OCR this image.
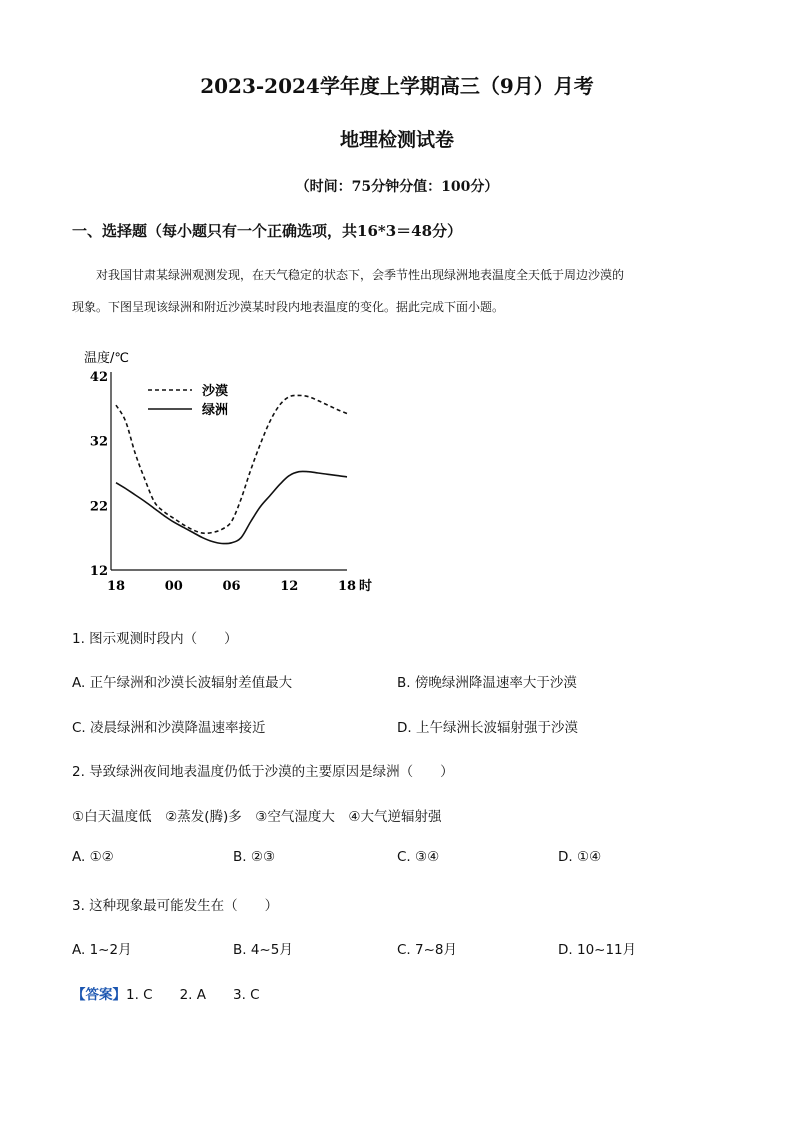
2023-2024学年度上学期高三（9月）月考
地理检测试卷
（时间：75分钟分值：100分）
一、选择题（每小题只有一个正确选项，共16*3＝48分）
对我国甘肃某绿洲观测发现，在天气稳定的状态下，会季节性出现绿洲地表温度全天低于周边沙漠的
现象。下图呈现该绿洲和附近沙漠某时段内地表温度的变化。据此完成下面小题。
温度/℃
12
22
32
42
18	00	06	12	18 时
沙漠
绿洲
1. 图示观测时段内（　　）
A. 正午绿洲和沙漠长波辐射差值最大	B. 傍晚绿洲降温速率大于沙漠
C. 凌晨绿洲和沙漠降温速率接近	D. 上午绿洲长波辐射强于沙漠
2. 导致绿洲夜间地表温度仍低于沙漠的主要原因是绿洲（　　）
①白天温度低　②蒸发(腾)多　③空气湿度大　④大气逆辐射强
A. ①②	B. ②③	C. ③④	D. ①④
3. 这种现象最可能发生在（　　）
A. 1~2月	B. 4~5月	C. 7~8月	D. 10~11月
【答案】1. C　　2. A　　3. C
